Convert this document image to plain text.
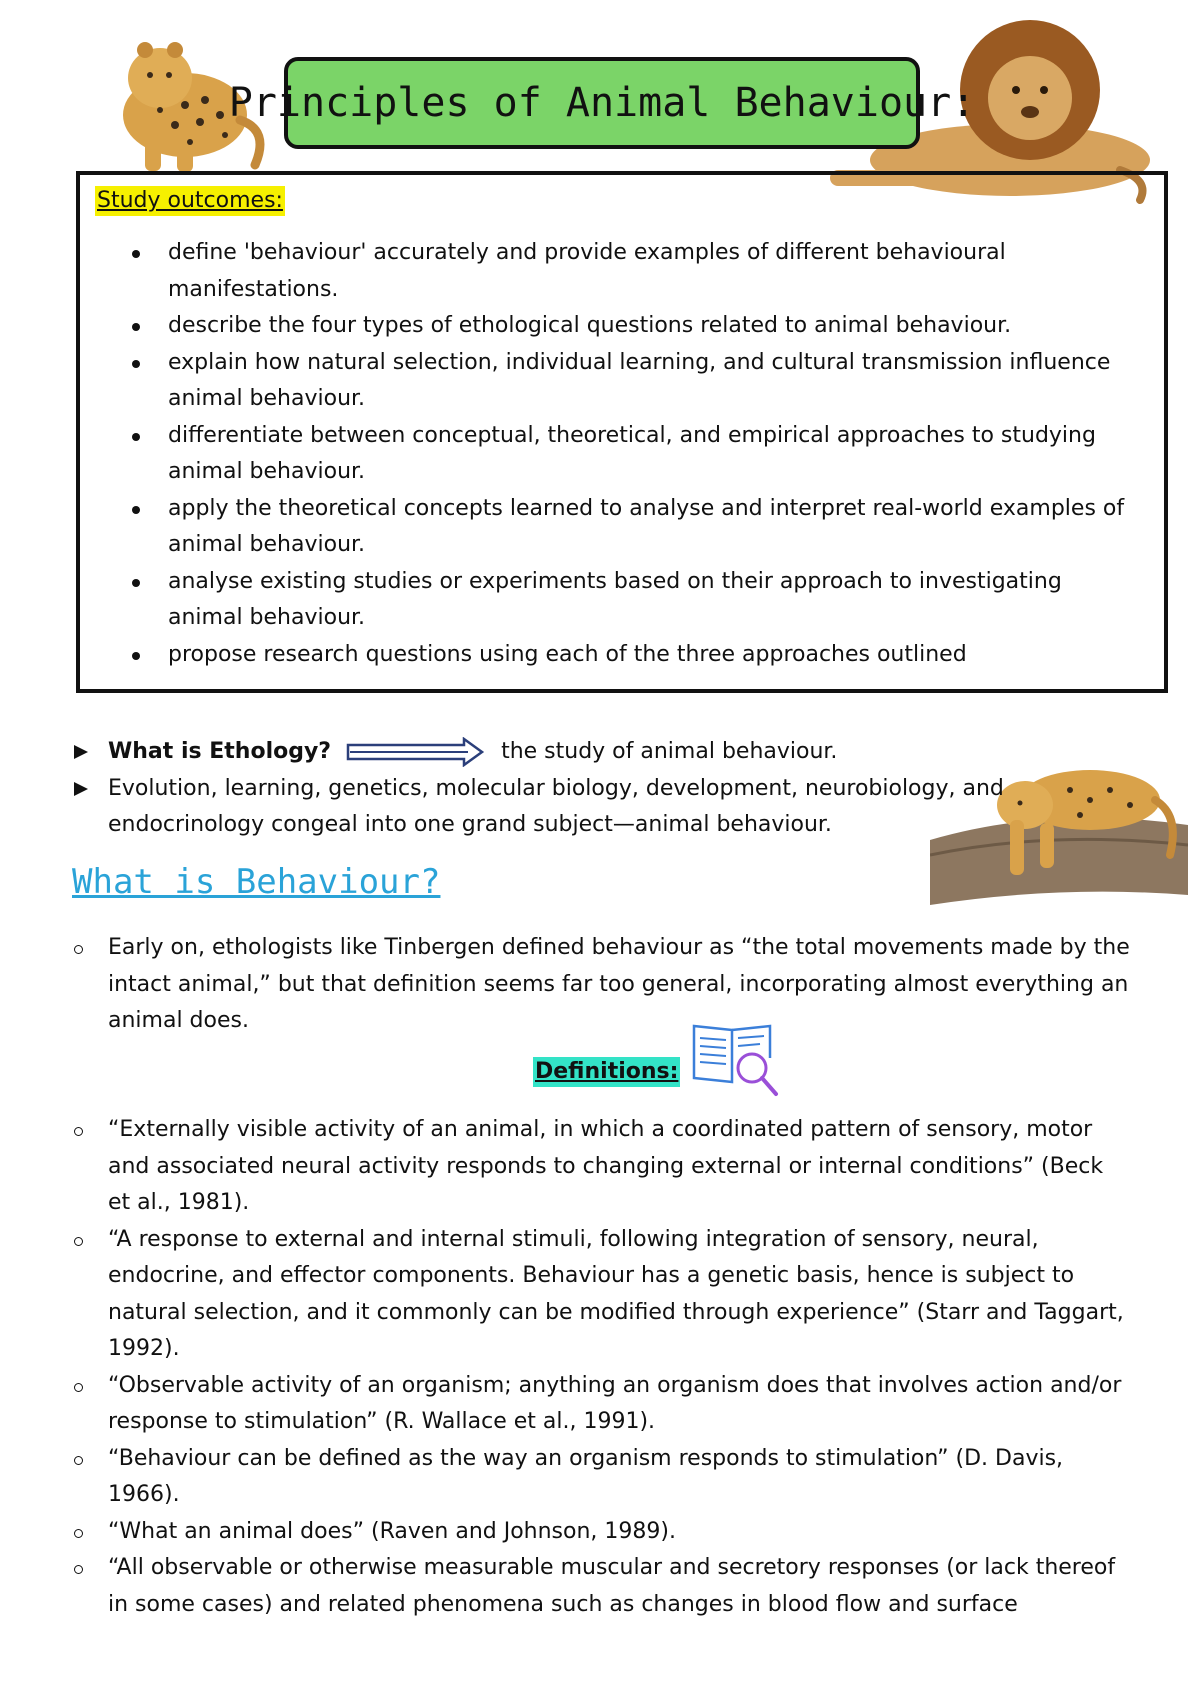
Principles of Animal Behaviour:
Study outcomes:
define 'behaviour' accurately and provide examples of different behavioural manifestations.
describe the four types of ethological questions related to animal behaviour.
explain how natural selection, individual learning, and cultural transmission influence animal behaviour.
differentiate between conceptual, theoretical, and empirical approaches to studying animal behaviour.
apply the theoretical concepts learned to analyse and interpret real-world examples of animal behaviour.
analyse existing studies or experiments based on their approach to investigating animal behaviour.
propose research questions using each of the three approaches outlined
What is Ethology?	the study of animal behaviour.
Evolution, learning, genetics, molecular biology, development, neurobiology, and endocrinology congeal into one grand subject—animal behaviour.
What is Behaviour?
Early on, ethologists like Tinbergen defined behaviour as “the total movements made by the intact animal,” but that definition seems far too general, incorporating almost everything an animal does.
Definitions:
“Externally visible activity of an animal, in which a coordinated pattern of sensory, motor and associated neural activity responds to changing external or internal conditions” (Beck et al., 1981).
“A response to external and internal stimuli, following integration of sensory, neural, endocrine, and effector components. Behaviour has a genetic basis, hence is subject to natural selection, and it commonly can be modified through experience” (Starr and Taggart, 1992).
“Observable activity of an organism; anything an organism does that involves action and/or response to stimulation” (R. Wallace et al., 1991).
“Behaviour can be defined as the way an organism responds to stimulation” (D. Davis, 1966).
“What an animal does” (Raven and Johnson, 1989).
“All observable or otherwise measurable muscular and secretory responses (or lack thereof in some cases) and related phenomena such as changes in blood flow and surface
